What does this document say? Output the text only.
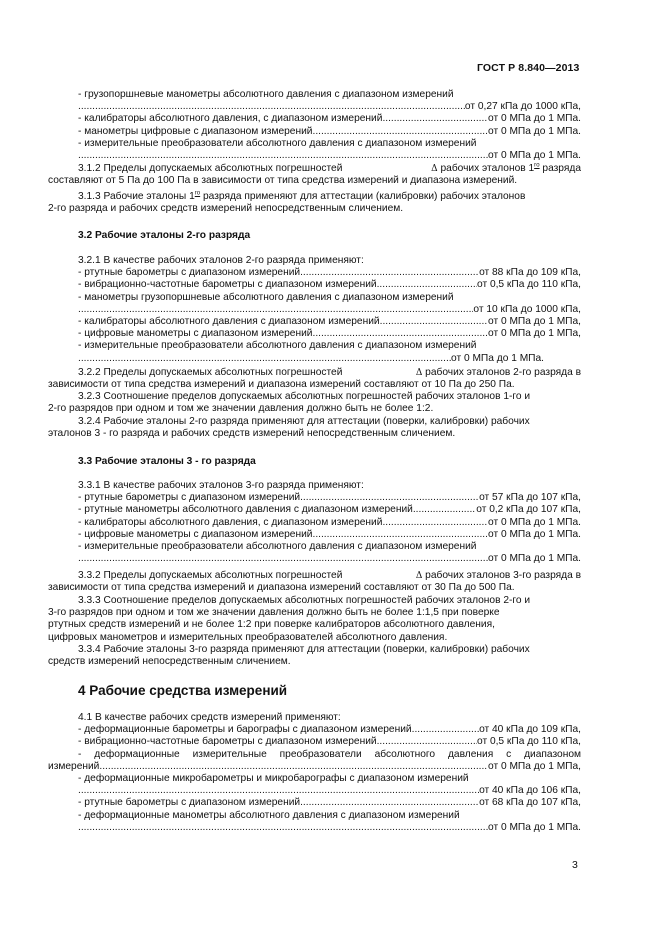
ГОСТ Р 8.840—2013
- грузопоршневые манометры абсолютного давления с диапазоном измерений
.....
от 0,27 кПа до 1000 кПа,
- калибраторы абсолютного давления, с диапазоном измерений .....	от 0 МПа до 1 МПа.
- манометры цифровые с диапазоном измерений .....	от 0 МПа до 1 МПа.
- измерительные преобразователи абсолютного давления с диапазоном измерений
.....
от 0 МПа до 1 МПа.
3.1.2 Пределы допускаемых абсолютных погрешностей	Δ рабочих эталонов $1^{го}$ разряда
составляют от 5 Па до 100 Па в зависимости от типа средства измерений и диапазона измерений.
3.1.3 Рабочие эталоны $1^{го}$ разряда применяют для аттестации (калибровки) рабочих эталонов
2-го разряда и рабочих средств измерений непосредственным сличением.
3.2 Рабочие эталоны 2-го разряда
3.2.1 В качестве рабочих эталонов 2-го разряда применяют:
- ртутные барометры с диапазоном измерений .....	от 88 кПа до 109 кПа,
- вибрационно-частотные барометры с диапазоном измерений .....	от 0,5 кПа до 110 кПа,
- манометры грузопоршневые абсолютного давления с диапазоном измерений
.....
от 10 кПа до 1000 кПа,
- калибраторы абсолютного давления с диапазоном измерений .....	от 0 МПа до 1 МПа,
- цифровые манометры с диапазоном измерений .....	от 0 МПа до 1 МПа,
- измерительные преобразователи абсолютного давления с диапазоном измерений
.....
от 0 МПа до 1 МПа.
3.2.2 Пределы допускаемых абсолютных погрешностей	Δ рабочих эталонов 2-го разряда в
зависимости от типа средства измерений и диапазона измерений составляют от 10 Па до 250 Па.
3.2.3 Соотношение пределов допускаемых абсолютных погрешностей рабочих эталонов 1-го и
2-го разрядов при одном и том же значении давления должно быть не более 1:2.
3.2.4 Рабочие эталоны 2-го разряда применяют для аттестации (поверки, калибровки) рабочих
эталонов 3 - го разряда и рабочих средств измерений непосредственным сличением.
3.3 Рабочие эталоны 3 - го разряда
3.3.1 В качестве рабочих эталонов 3-го разряда применяют:
- ртутные барометры с диапазоном измерений .....	от 57 кПа до 107 кПа,
- ртутные манометры абсолютного давления с диапазоном измерений .....	от 0,2 кПа до 107 кПа,
- калибраторы абсолютного давления, с диапазоном измерений .....	от 0 МПа до 1 МПа.
- цифровые манометры с диапазоном измерений .....	от 0 МПа до 1 МПа.
- измерительные преобразователи абсолютного давления с диапазоном измерений
.....
от 0 МПа до 1 МПа.
3.3.2 Пределы допускаемых абсолютных погрешностей	Δ рабочих эталонов 3-го разряда в
зависимости от типа средства измерений и диапазона измерений составляют от 30 Па до 500 Па.
3.3.3 Соотношение пределов допускаемых абсолютных погрешностей рабочих эталонов 2-го и
3-го разрядов при одном и том же значении давления должно быть не более 1:1,5 при поверке
ртутных средств измерений и не более 1:2 при поверке калибраторов абсолютного давления,
цифровых манометров и измерительных преобразователей абсолютного давления.
3.3.4 Рабочие эталоны 3-го разряда применяют для аттестации (поверки, калибровки) рабочих
средств измерений непосредственным сличением.
4 Рабочие средства измерений
4.1 В качестве рабочих средств измерений применяют:
- деформационные барометры и барографы с диапазоном измерений .....	от 40 кПа до 109 кПа,
- вибрационно-частотные барометры с диапазоном измерений .....	от 0,5 кПа до 110 кПа,
- деформационные измерительные преобразователи абсолютного давления с диапазоном
измерений .....	от 0 МПа до 1 МПа,
- деформационные микробарометры и микробарографы с диапазоном измерений
.....
от 40 кПа до 106 кПа,
- ртутные барометры с диапазоном измерений .....	от 68 кПа до 107 кПа,
- деформационные манометры абсолютного давления с диапазоном измерений
.....
от 0 МПа до 1 МПа.
3
